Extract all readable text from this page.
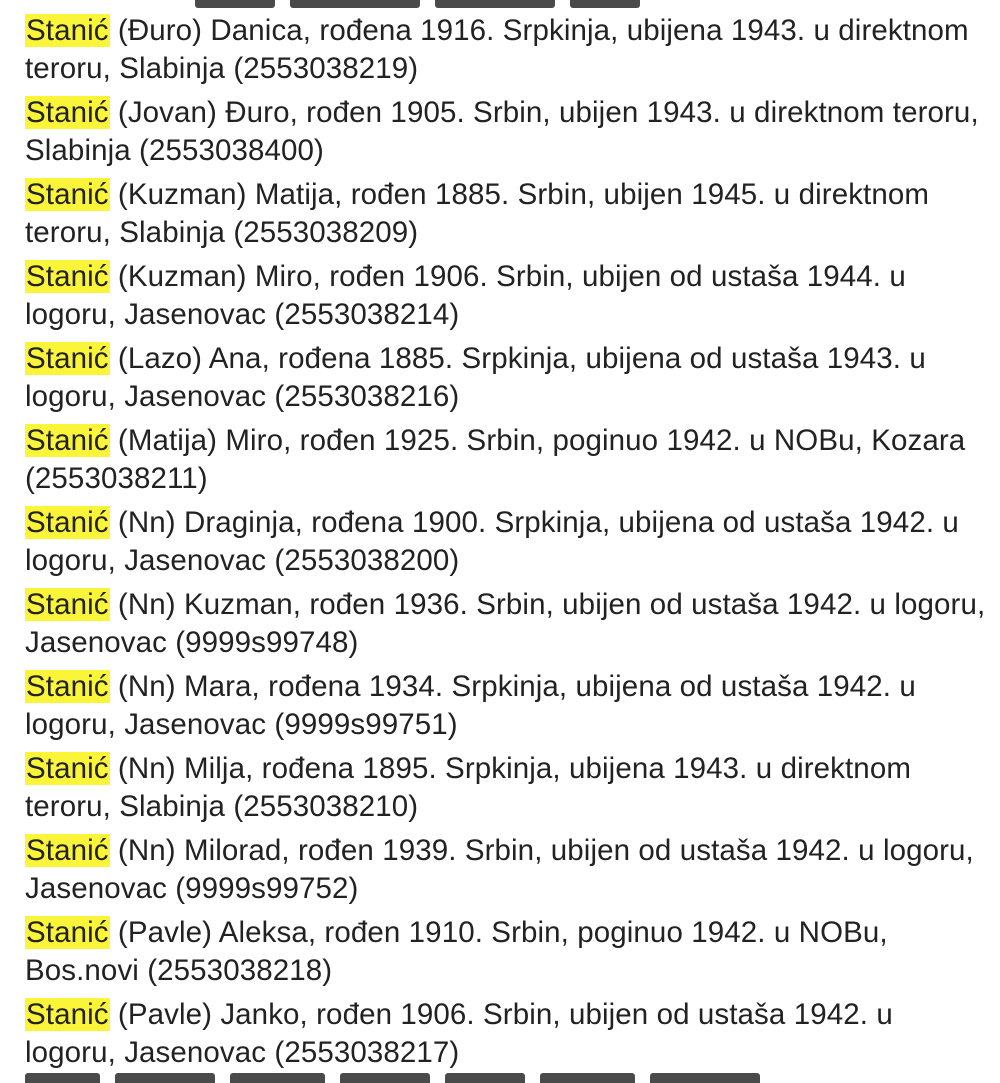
Stanić (Đuro) Danica, rođena 1916. Srpkinja, ubijena 1943. u direktnom teroru, Slabinja (2553038219)

Stanić (Jovan) Đuro, rođen 1905. Srbin, ubijen 1943. u direktnom teroru, Slabinja (2553038400)

Stanić (Kuzman) Matija, rođen 1885. Srbin, ubijen 1945. u direktnom teroru, Slabinja (2553038209)

Stanić (Kuzman) Miro, rođen 1906. Srbin, ubijen od ustaša 1944. u logoru, Jasenovac (2553038214)

Stanić (Lazo) Ana, rođena 1885. Srpkinja, ubijena od ustaša 1943. u logoru, Jasenovac (2553038216)

Stanić (Matija) Miro, rođen 1925. Srbin, poginuo 1942. u NOBu, Kozara (2553038211)

Stanić (Nn) Draginja, rođena 1900. Srpkinja, ubijena od ustaša 1942. u logoru, Jasenovac (2553038200)

Stanić (Nn) Kuzman, rođen 1936. Srbin, ubijen od ustaša 1942. u logoru, Jasenovac (9999s99748)

Stanić (Nn) Mara, rođena 1934. Srpkinja, ubijena od ustaša 1942. u logoru, Jasenovac (9999s99751)

Stanić (Nn) Milja, rođena 1895. Srpkinja, ubijena 1943. u direktnom teroru, Slabinja (2553038210)

Stanić (Nn) Milorad, rođen 1939. Srbin, ubijen od ustaša 1942. u logoru, Jasenovac (9999s99752)

Stanić (Pavle) Aleksa, rođen 1910. Srbin, poginuo 1942. u NOBu, Bos.novi (2553038218)

Stanić (Pavle) Janko, rođen 1906. Srbin, ubijen od ustaša 1942. u logoru, Jasenovac (2553038217)
